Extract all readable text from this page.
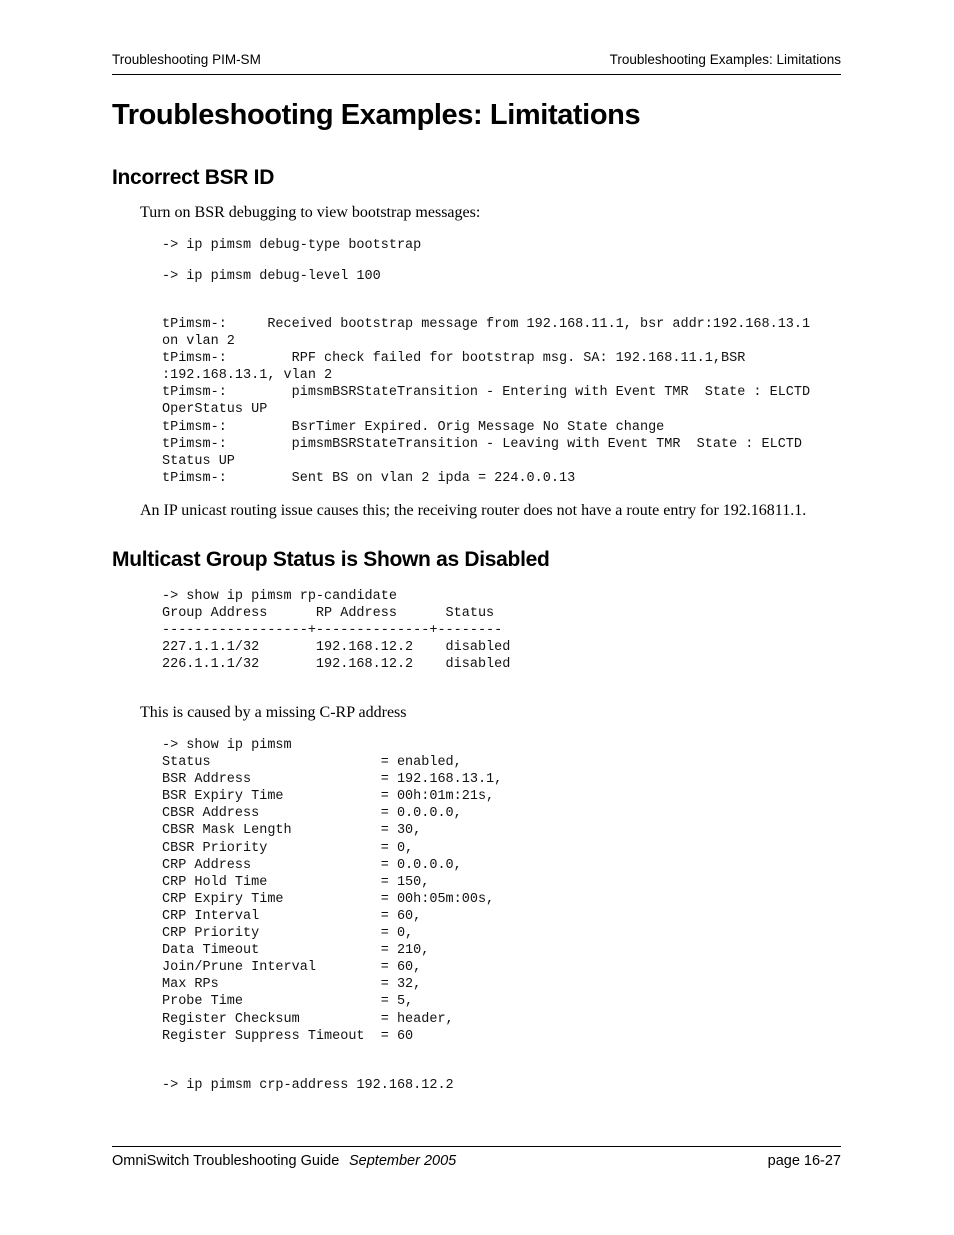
Troubleshooting PIM-SM	Troubleshooting Examples: Limitations
Troubleshooting Examples: Limitations
Incorrect BSR ID

Turn on BSR debugging to view bootstrap messages:

-> ip pimsm debug-type bootstrap
-> ip pimsm debug-level 100
tPimsm-:     Received bootstrap message from 192.168.11.1, bsr addr:192.168.13.1
on vlan 2
tPimsm-:        RPF check failed for bootstrap msg. SA: 192.168.11.1,BSR
:192.168.13.1, vlan 2
tPimsm-:        pimsmBSRStateTransition - Entering with Event TMR  State : ELCTD
OperStatus UP
tPimsm-:        BsrTimer Expired. Orig Message No State change
tPimsm-:        pimsmBSRStateTransition - Leaving with Event TMR  State : ELCTD
Status UP
tPimsm-:        Sent BS on vlan 2 ipda = 224.0.0.13

An IP unicast routing issue causes this; the receiving router does not have a route entry for 192.16811.1.

Multicast Group Status is Shown as Disabled
-> show ip pimsm rp-candidate
Group Address      RP Address      Status
------------------+--------------+--------
227.1.1.1/32       192.168.12.2    disabled
226.1.1.1/32       192.168.12.2    disabled

This is caused by a missing C-RP address

-> show ip pimsm
Status                     = enabled,
BSR Address                = 192.168.13.1,
BSR Expiry Time            = 00h:01m:21s,
CBSR Address               = 0.0.0.0,
CBSR Mask Length           = 30,
CBSR Priority              = 0,
CRP Address                = 0.0.0.0,
CRP Hold Time              = 150,
CRP Expiry Time            = 00h:05m:00s,
CRP Interval               = 60,
CRP Priority               = 0,
Data Timeout               = 210,
Join/Prune Interval        = 60,
Max RPs                    = 32,
Probe Time                 = 5,
Register Checksum          = header,
Register Suppress Timeout  = 60
-> ip pimsm crp-address 192.168.12.2
OmniSwitch Troubleshooting Guide September 2005	page 16-27
